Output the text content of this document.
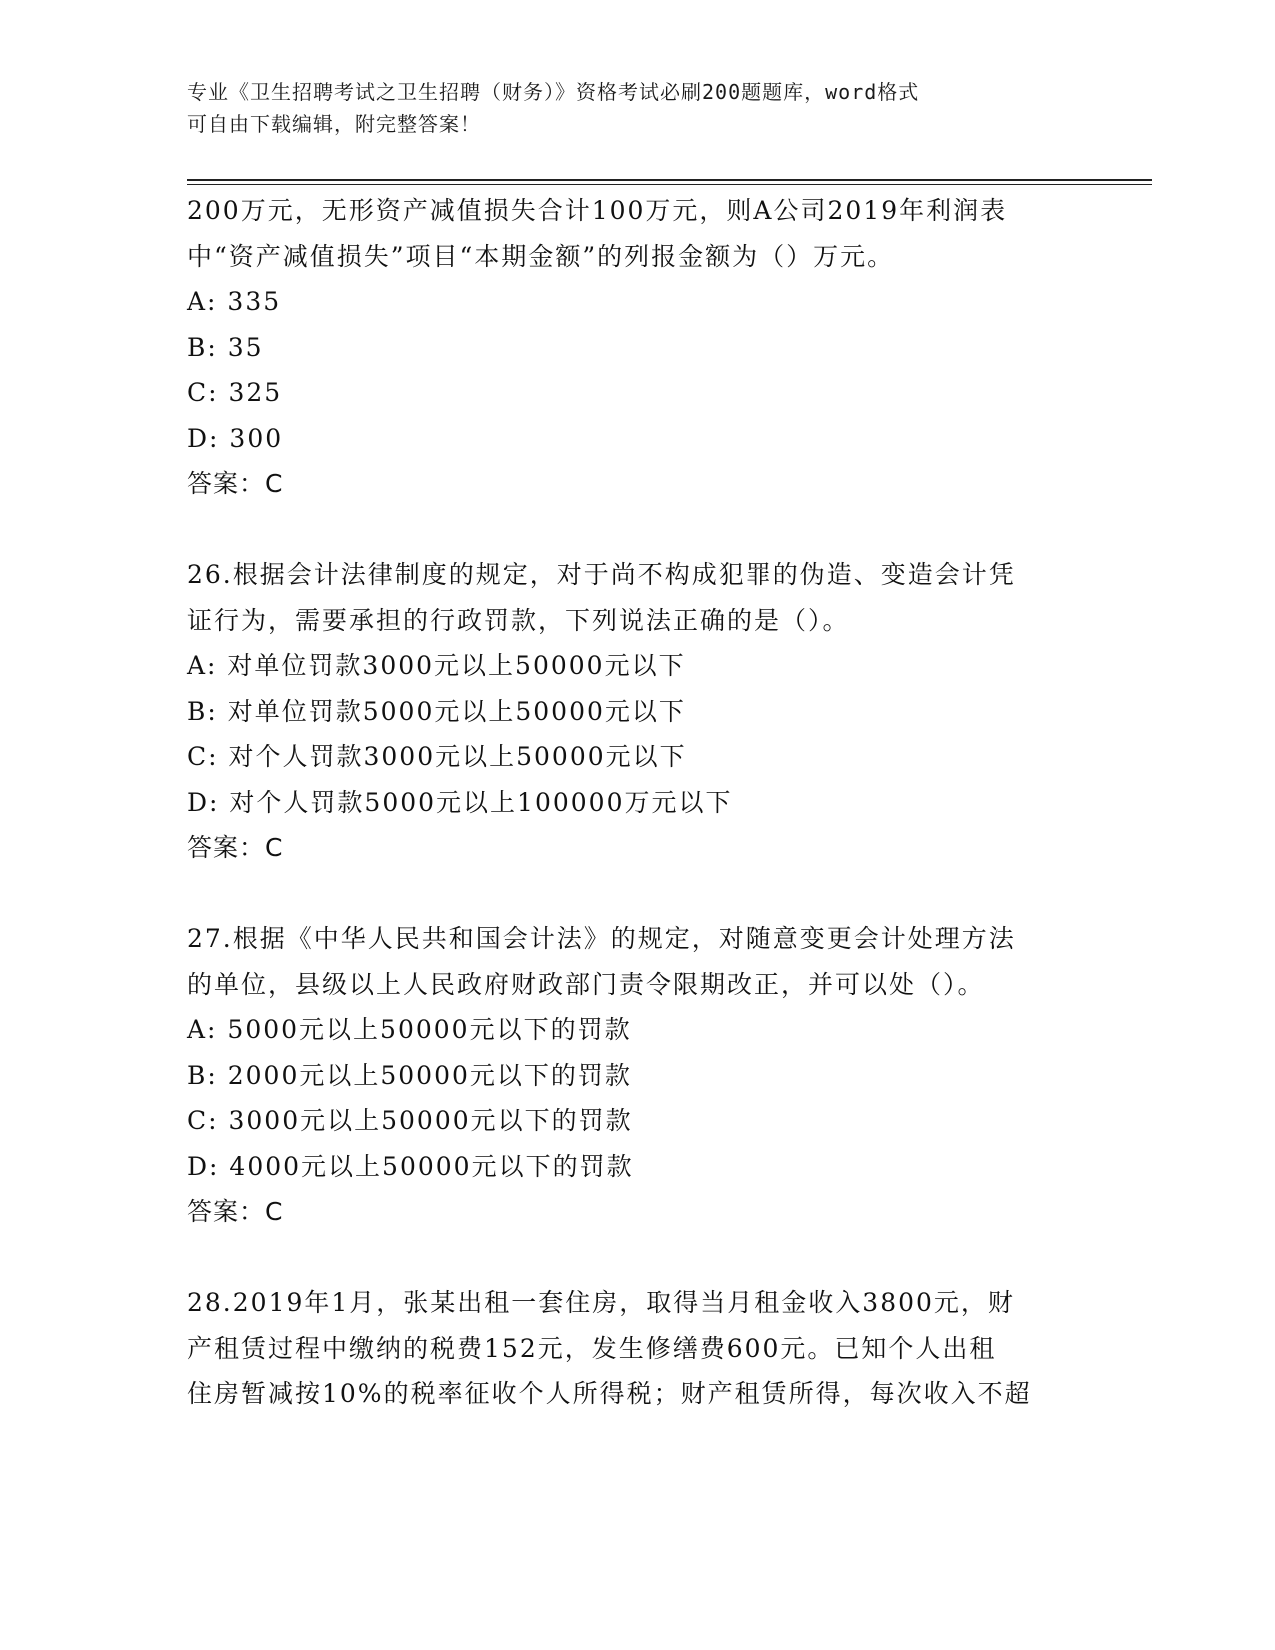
专业《卫生招聘考试之卫生招聘（财务）》资格考试必刷200题题库，word格式
可自由下载编辑，附完整答案！
200万元，无形资产减值损失合计100万元，则A公司2019年利润表
中“资产减值损失”项目“本期金额”的列报金额为（）万元。
A: 335
B: 35
C: 325
D: 300
答案：C
26.根据会计法律制度的规定，对于尚不构成犯罪的伪造、变造会计凭
证行为，需要承担的行政罚款，下列说法正确的是（）。
A: 对单位罚款3000元以上50000元以下
B: 对单位罚款5000元以上50000元以下
C: 对个人罚款3000元以上50000元以下
D: 对个人罚款5000元以上100000万元以下
答案：C
27.根据《中华人民共和国会计法》的规定，对随意变更会计处理方法
的单位，县级以上人民政府财政部门责令限期改正，并可以处（）。
A: 5000元以上50000元以下的罚款
B: 2000元以上50000元以下的罚款
C: 3000元以上50000元以下的罚款
D: 4000元以上50000元以下的罚款
答案：C
28.2019年1月，张某出租一套住房，取得当月租金收入3800元，财
产租赁过程中缴纳的税费152元，发生修缮费600元。已知个人出租
住房暂减按10%的税率征收个人所得税；财产租赁所得，每次收入不超
